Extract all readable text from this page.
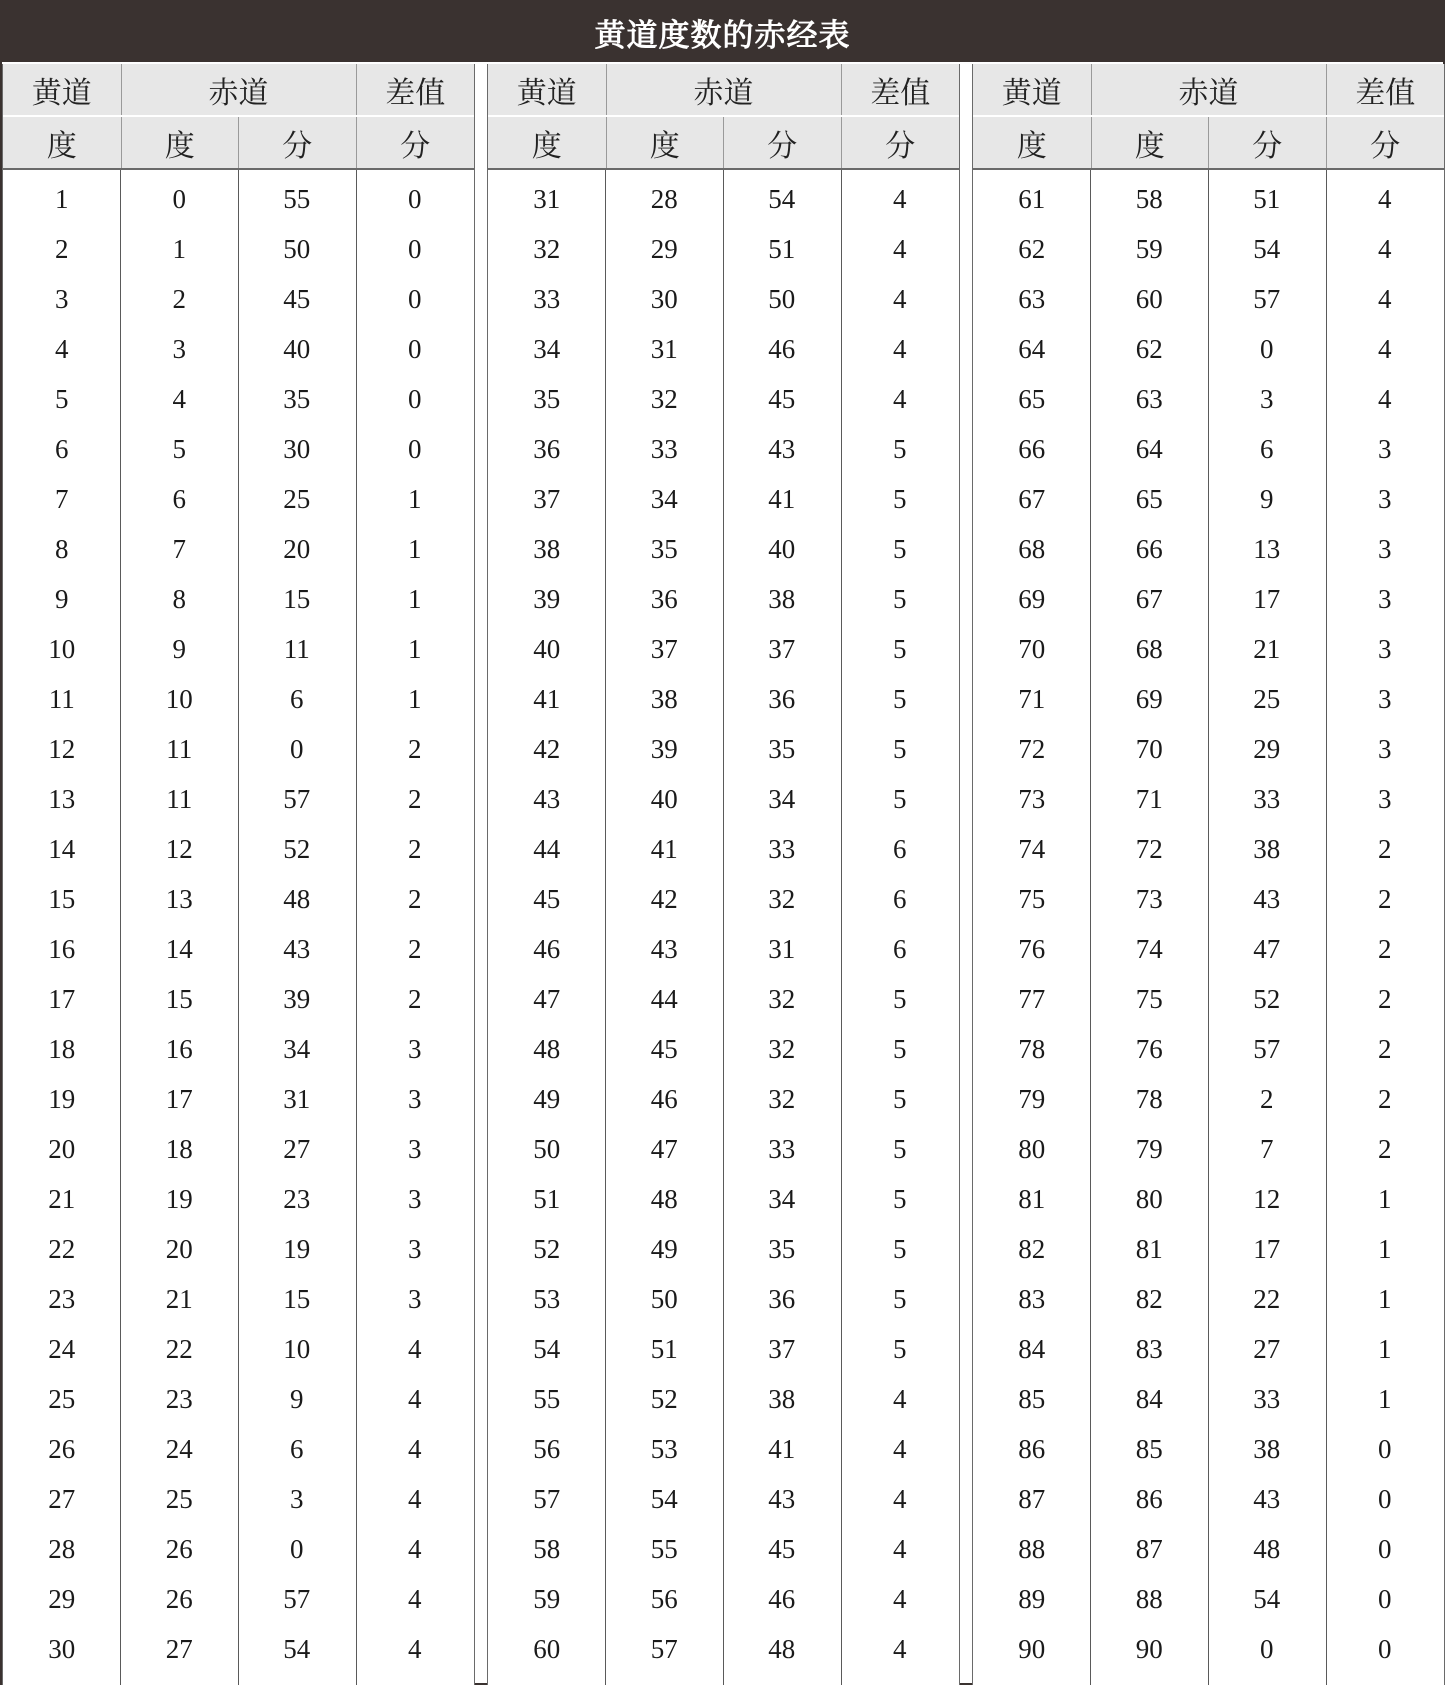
黄道度数的赤经表
黄道	赤道	差值
度	度	分	分
1	0	55	0
2	1	50	0
3	2	45	0
4	3	40	0
5	4	35	0
6	5	30	0
7	6	25	1
8	7	20	1
9	8	15	1
10	9	11	1
11	10	6	1
12	11	0	2
13	11	57	2
14	12	52	2
15	13	48	2
16	14	43	2
17	15	39	2
18	16	34	3
19	17	31	3
20	18	27	3
21	19	23	3
22	20	19	3
23	21	15	3
24	22	10	4
25	23	9	4
26	24	6	4
27	25	3	4
28	26	0	4
29	26	57	4
30	27	54	4
黄道	赤道	差值
度	度	分	分
31	28	54	4
32	29	51	4
33	30	50	4
34	31	46	4
35	32	45	4
36	33	43	5
37	34	41	5
38	35	40	5
39	36	38	5
40	37	37	5
41	38	36	5
42	39	35	5
43	40	34	5
44	41	33	6
45	42	32	6
46	43	31	6
47	44	32	5
48	45	32	5
49	46	32	5
50	47	33	5
51	48	34	5
52	49	35	5
53	50	36	5
54	51	37	5
55	52	38	4
56	53	41	4
57	54	43	4
58	55	45	4
59	56	46	4
60	57	48	4
黄道	赤道	差值
度	度	分	分
61	58	51	4
62	59	54	4
63	60	57	4
64	62	0	4
65	63	3	4
66	64	6	3
67	65	9	3
68	66	13	3
69	67	17	3
70	68	21	3
71	69	25	3
72	70	29	3
73	71	33	3
74	72	38	2
75	73	43	2
76	74	47	2
77	75	52	2
78	76	57	2
79	78	2	2
80	79	7	2
81	80	12	1
82	81	17	1
83	82	22	1
84	83	27	1
85	84	33	1
86	85	38	0
87	86	43	0
88	87	48	0
89	88	54	0
90	90	0	0
